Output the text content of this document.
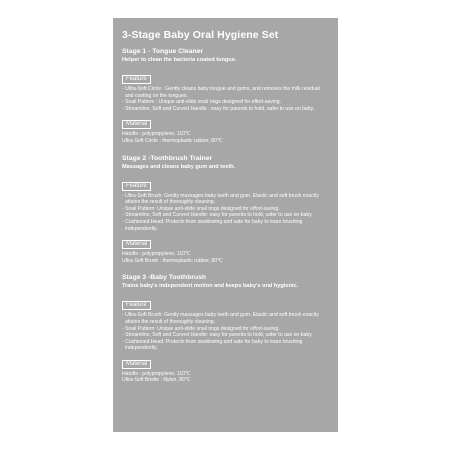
3-Stage Baby Oral Hygiene Set
Stage 1 - Tongue Cleaner
Helper to clean the bacteria coated tongue.
Feature
- Ultra-Soft Circle : Gently cleans baby tongue and gums, and removes the milk residual and coating on the tongues.
- Snail Pattern : Unique anti-slide snail rings designed for effort-saving.
- Streamline, Soft and Curved Handle : easy for parents to hold, safer to use on baby.
Material
Handle : polypropylene, 110℃
Ultra-Soft Circle : thermoplastic rubber, 80℃
Stage 2 -Toothbrush Trainer
Massages and cleans baby gum and teeth.
Feature
- Ultra-Soft Brush: Gently massages baby teeth and gum. Elastic and soft brush exactly attains the result of thoroughly cleaning.
- Snail Pattern: Unique anti-slide snail rings designed for effort-saving.
- Streamline, Soft and Curved Handle: easy for parents to hold, safer to use on baby.
- Cushioned Head: Protects from swallowing and safe for baby to learn brushing independently.
Material
Handle : polypropylene, 110℃
Ultra-Soft Brush : thermoplastic rubber, 80℃
Stage 3 -Baby Toothbrush
Trains baby's independent motion and keeps baby's oral hygienic.
Feature
- Ultra-Soft Brush: Gently massages baby teeth and gum. Elastic and soft brush exactly attains the result of thoroughly cleaning.
- Snail Pattern: Unique anti-slide snail rings designed for effort-saving.
- Streamline, Soft and Curved Handle: easy for parents to hold, safer to use on baby.
- Cushioned Head: Protects from swallowing and safe for baby to learn brushing independently.
Material
Handle : polypropylene, 110℃
Ultra-Soft Bristle : Nylon, 80℃
